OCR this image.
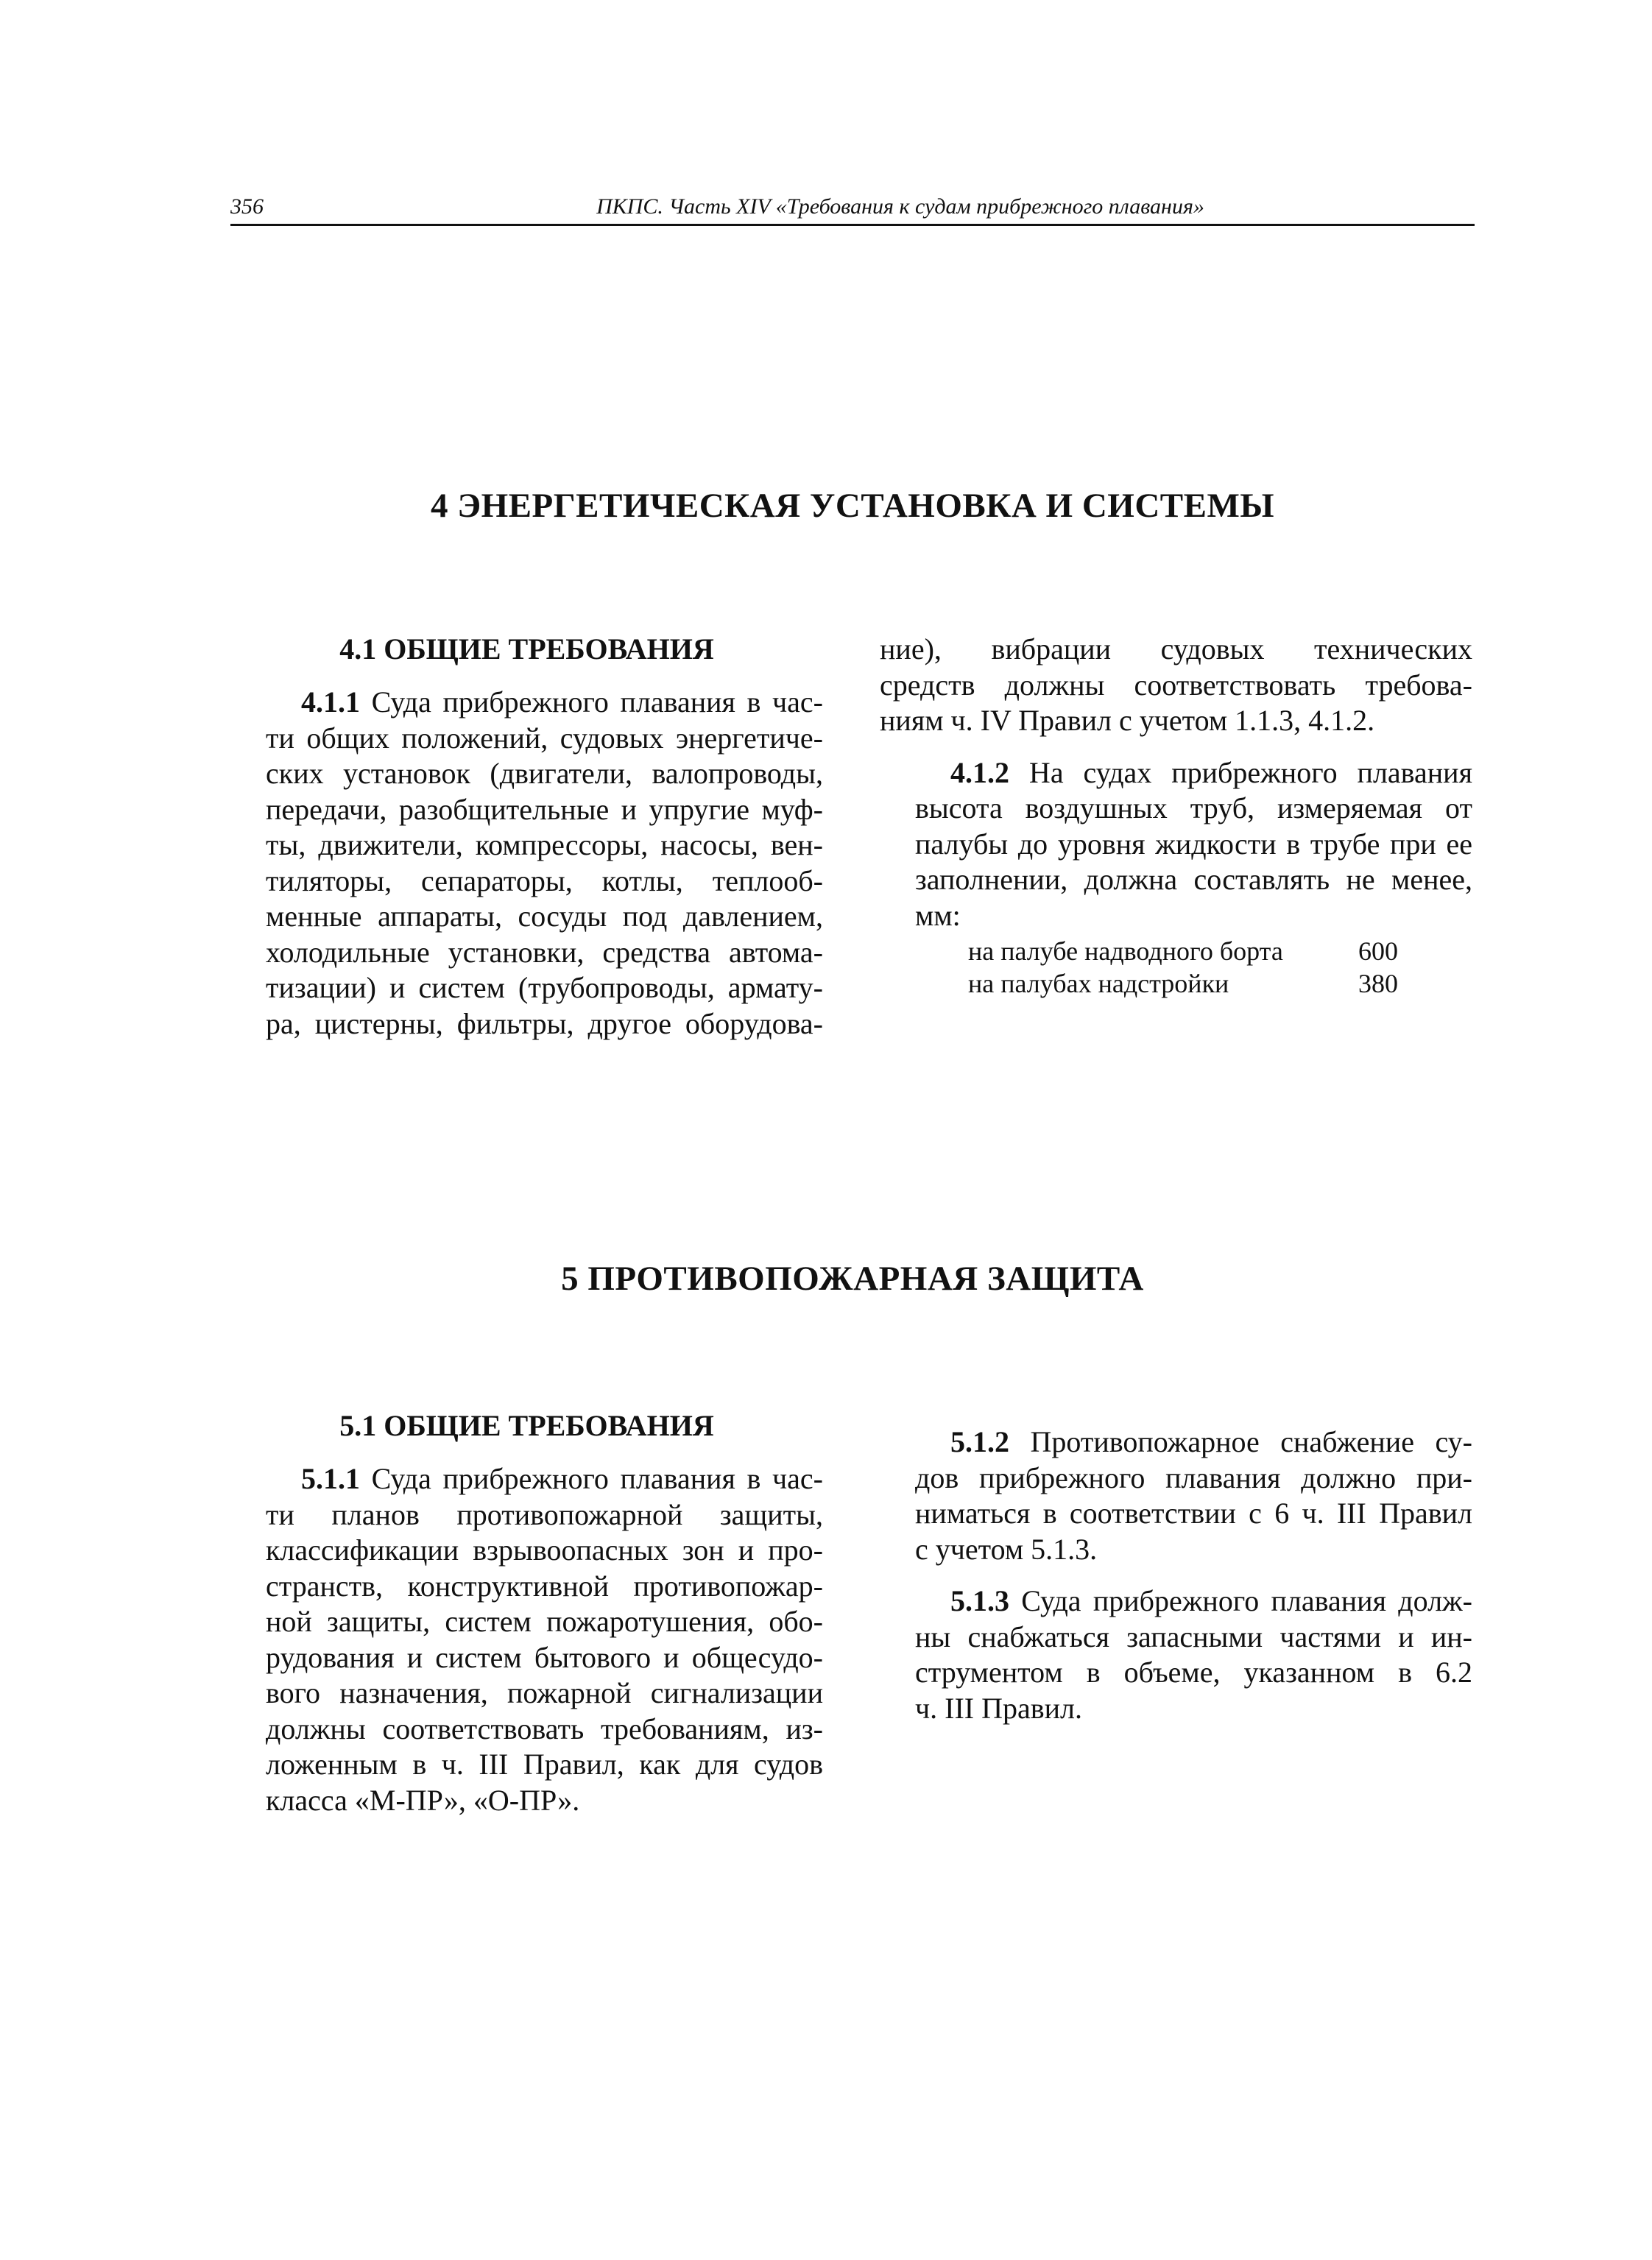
356	ПКПС. Часть XIV «Требования к судам прибрежного плавания»
4 ЭНЕРГЕТИЧЕСКАЯ УСТАНОВКА И СИСТЕМЫ
4.1 ОБЩИЕ ТРЕБОВАНИЯ
4.1.1 Суда прибрежного плавания в час-
ти общих положений, судовых энергетиче-
ских установок (двигатели, валопроводы,
передачи, разобщительные и упругие муф-
ты, движители, компрессоры, насосы, вен-
тиляторы, сепараторы, котлы, теплооб-
менные аппараты, сосуды под давлением,
холодильные установки, средства автома-
тизации) и систем (трубопроводы, армату-
ра, цистерны, фильтры, другое оборудова-
ние), вибрации судовых технических
средств должны соответствовать требова-
ниям ч. IV Правил с учетом 1.1.3, 4.1.2.
4.1.2 На судах прибрежного плавания
высота воздушных труб, измеряемая от
палубы до уровня жидкости в трубе при ее
заполнении, должна составлять не менее,
мм:
на палубе надводного борта	600
на палубах надстройки	380
5 ПРОТИВОПОЖАРНАЯ ЗАЩИТА
5.1 ОБЩИЕ ТРЕБОВАНИЯ
5.1.1 Суда прибрежного плавания в час-
ти планов противопожарной защиты,
классификации взрывоопасных зон и про-
странств, конструктивной противопожар-
ной защиты, систем пожаротушения, обо-
рудования и систем бытового и общесудо-
вого назначения, пожарной сигнализации
должны соответствовать требованиям, из-
ложенным в ч. III Правил, как для судов
класса «М-ПР», «О-ПР».
5.1.2 Противопожарное снабжение су-
дов прибрежного плавания должно при-
ниматься в соответствии с 6 ч. III Правил
с учетом 5.1.3.
5.1.3 Суда прибрежного плавания долж-
ны снабжаться запасными частями и ин-
струментом в объеме, указанном в 6.2
ч. III Правил.
